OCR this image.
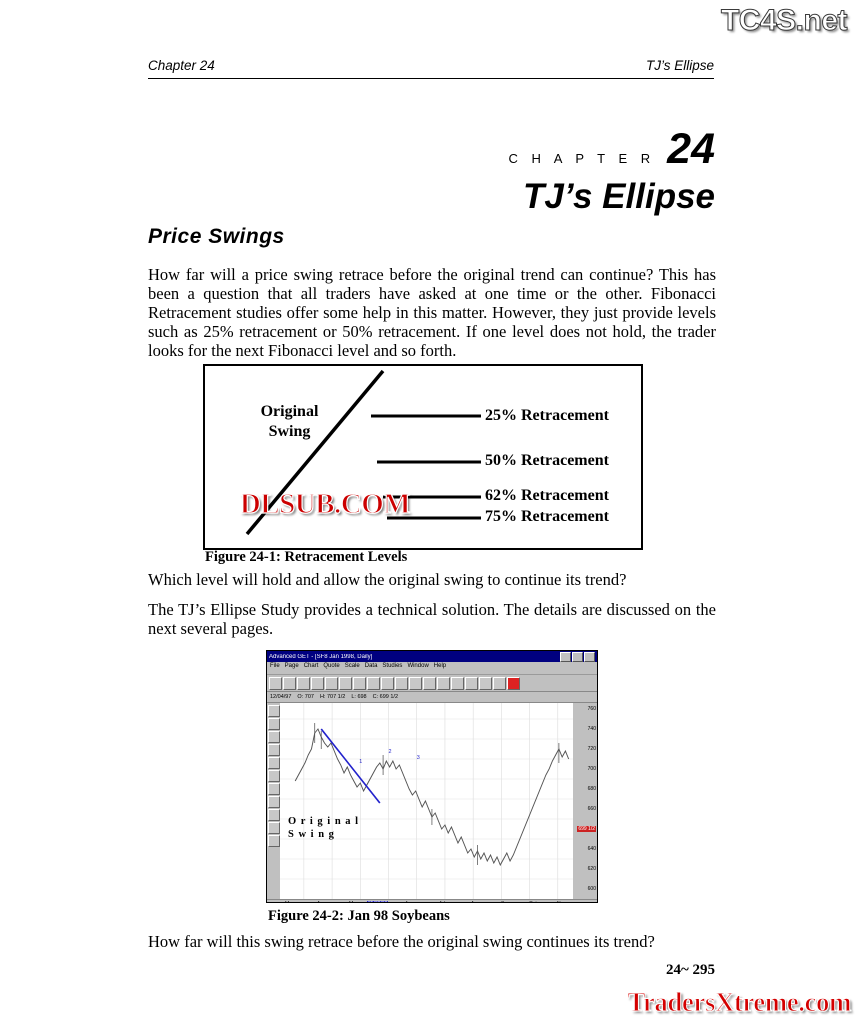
TC4S.net
Chapter 24	TJ’s Ellipse
C H A P T E R 24
TJ’s Ellipse
Price Swings
How far will a price swing retrace before the original trend can continue? This has been a question that all traders have asked at one time or the other. Fibonacci Retracement studies offer some help in this matter. However, they just provide levels such as 25% retracement or 50% retracement. If one level does not hold, the trader looks for the next Fibonacci level and so forth.
Original
Swing
25% Retracement
50% Retracement
62% Retracement
75% Retracement
Figure 24-1: Retracement Levels
DLSUB.COM
Which level will hold and allow the original swing to continue its trend?
The TJ’s Ellipse Study provides a technical solution. The details are discussed on the next several pages.
Advanced GET - [SF8 Jan 1998, Daily]
File Page Chart Quote Scale Data Studies Window Help
12/04/97 O: 707 H: 707 1/2 L: 698 C: 699 1/2
1
2
3
O r i g i n a l
S w i n g
760
740
720
700
680
660
699 1/2
640
620
600
Figure 24-2: Jan 98 Soybeans
How far will this swing retrace before the original swing continues its trend?
24~ 295
TradersXtreme.com
